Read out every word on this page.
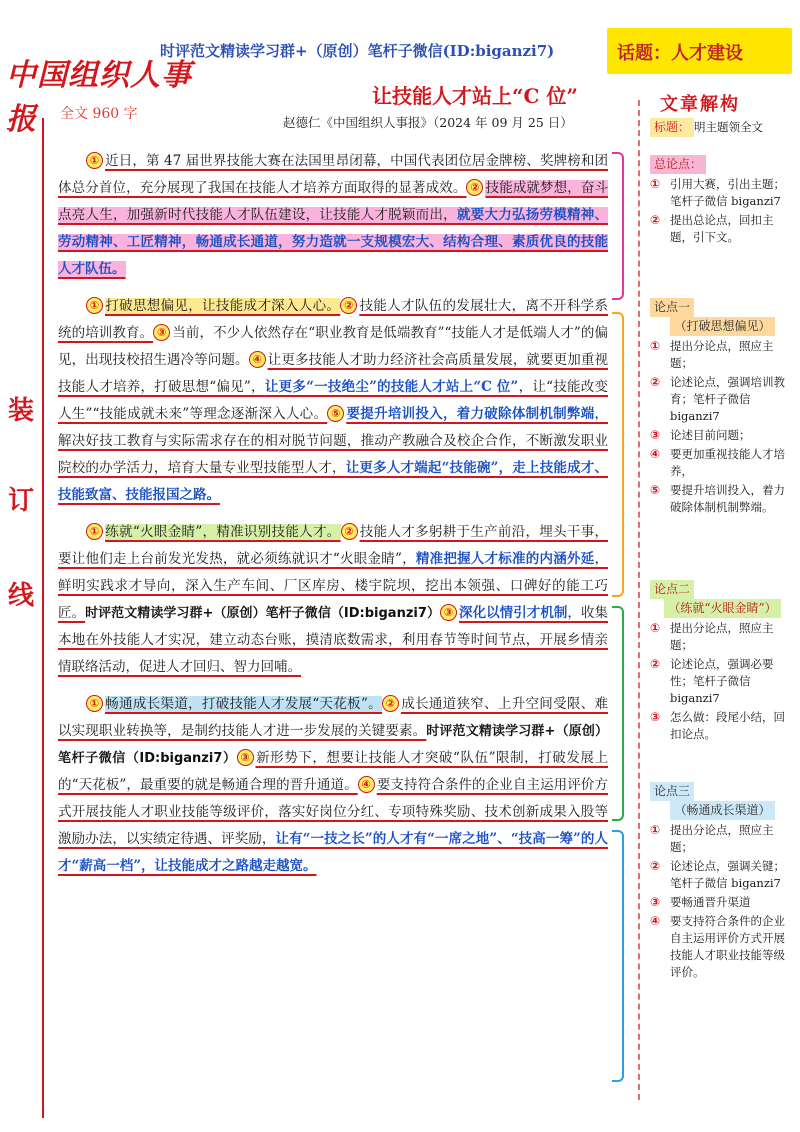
中国组织人事报	全文 960 字
时评范文精读学习群+（原创）笔杆子微信(ID:biganzi7)	话题：人才建设
让技能人才站上“C 位”
赵德仁《中国组织人事报》（2024 年 09 月 25 日）
装
订
线

① 近日，第 47 届世界技能大赛在法国里昂闭幕，中国代表团位居金牌榜、奖牌榜和团体总分首位，充分展现了我国在技能人才培养方面取得的显著成效。 ② 技能成就梦想，奋斗点亮人生，加强新时代技能人才队伍建设，让技能人才脱颖而出，就要大力弘扬劳模精神、劳动精神、工匠精神，畅通成长通道，努力造就一支规模宏大、结构合理、素质优良的技能人才队伍。

① 打破思想偏见，让技能成才深入人心。 ② 技能人才队伍的发展壮大，离不开科学系统的培训教育。 ③ 当前，不少人依然存在“职业教育是低端教育”“技能人才是低端人才”的偏见，出现技校招生遇冷等问题。 ④ 让更多技能人才助力经济社会高质量发展，就要更加重视技能人才培养，打破思想“偏见”，让更多“一技绝尘”的技能人才站上“C 位”，让“技能改变人生”“技能成就未来”等理念逐渐深入人心。 ⑤ 要提升培训投入，着力破除体制机制弊端，解决好技工教育与实际需求存在的相对脱节问题，推动产教融合及校企合作，不断激发职业院校的办学活力，培育大量专业型技能型人才，让更多人才端起“技能碗”，走上技能成才、技能致富、技能报国之路。

① 练就“火眼金睛”，精准识别技能人才。 ② 技能人才多躬耕于生产前沿，埋头干事，要让他们走上台前发光发热，就必须练就识才“火眼金睛”，精准把握人才标准的内涵外延，鲜明实践求才导向，深入生产车间、厂区库房、楼宇院坝，挖出本领强、口碑好的能工巧匠。时评范文精读学习群+（原创）笔杆子微信（ID:biganzi7） ③ 深化以情引才机制，收集本地在外技能人才实况，建立动态台账，摸清底数需求，利用春节等时间节点，开展乡情亲情联络活动，促进人才回归、智力回哺。

① 畅通成长渠道，打破技能人才发展“天花板”。 ② 成长通道狭窄、上升空间受限、难以实现职业转换等，是制约技能人才进一步发展的关键要素。时评范文精读学习群+（原创）笔杆子微信（ID:biganzi7） ③ 新形势下，想要让技能人才突破“队伍”限制，打破发展上的“天花板”，最重要的就是畅通合理的晋升通道。 ④ 要支持符合条件的企业自主运用评价方式开展技能人才职业技能等级评价，落实好岗位分红、专项特殊奖励、技术创新成果入股等激励办法，以实绩定待遇、评奖励，让有“一技之长”的人才有“一席之地”、“技高一筹”的人才“薪高一档”，让技能成才之路越走越宽。

文章解构
标题： 明主题领全文
总论点：
① 引用大赛，引出主题；笔杆子微信 biganzi7
② 提出总论点，回扣主题，引下文。
论点一
（打破思想偏见）
① 提出分论点，照应主题；
② 论述论点，强调培训教育；笔杆子微信 biganzi7
③ 论述目前问题；
④ 要更加重视技能人才培养，
⑤ 要提升培训投入，着力破除体制机制弊端。
论点二
（练就“火眼金睛”）
① 提出分论点，照应主题；
② 论述论点，强调必要性；笔杆子微信 biganzi7
③ 怎么做：段尾小结，回扣论点。
论点三
（畅通成长渠道）
① 提出分论点，照应主题；
② 论述论点，强调关键；笔杆子微信 biganzi7
③ 要畅通晋升渠道
④ 要支持符合条件的企业自主运用评价方式开展技能人才职业技能等级评价。
